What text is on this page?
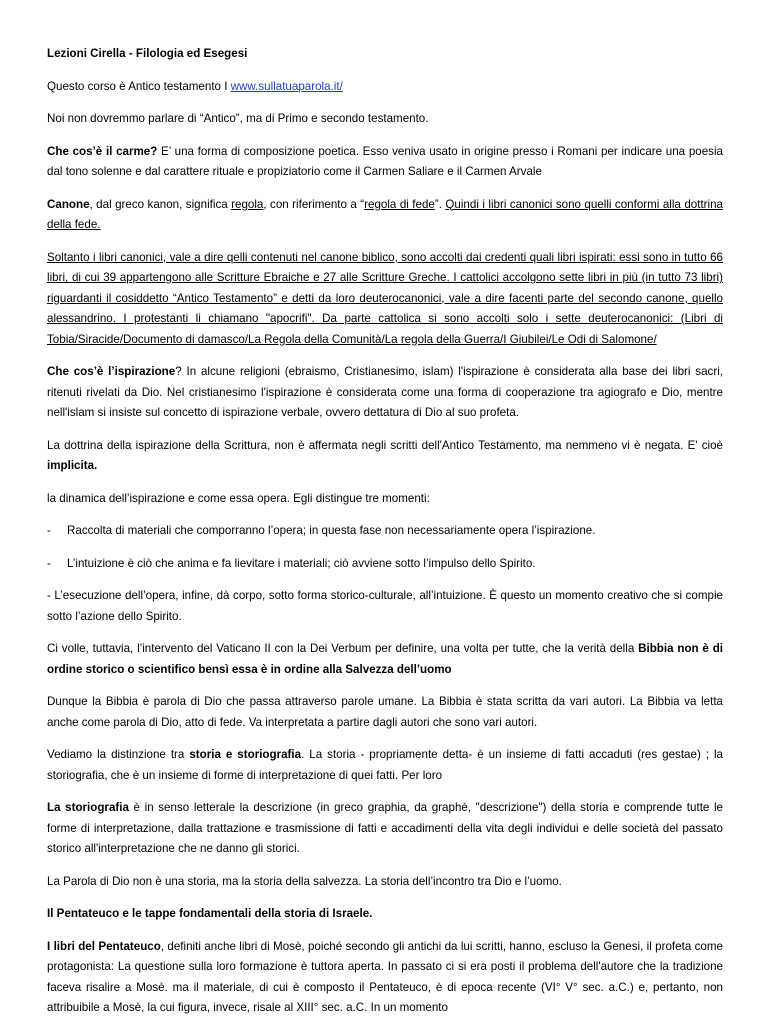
Lezioni Cirella - Filologia ed Esegesi

Questo corso è Antico testamento I www.sullatuaparola.it/

Noi non dovremmo parlare di “Antico”, ma di Primo e secondo testamento.

Che cos’è il carme? E’ una forma di composizione poetica. Esso veniva usato in origine presso i Romani per indicare una poesia dal tono solenne e dal carattere rituale e propiziatorio come il Carmen Saliare e il Carmen Arvale

Canone, dal greco kanon, significa regola, con riferimento a “regola di fede”. Quindi i libri canonici sono quelli conformi alla dottrina della fede.

Soltanto i libri canonici, vale a dire qelli contenuti nel canone biblico, sono accolti dai credenti quali libri ispirati: essi sono in tutto 66 libri, di cui 39 appartengono alle Scritture Ebraiche e 27 alle Scritture Greche. I cattolici accolgono sette libri in più (in tutto 73 libri) riguardanti il cosiddetto “Antico Testamento” e detti da loro deuterocanonici, vale a dire facenti parte del secondo canone, quello alessandrino. I protestanti li chiamano "apocrifi". Da parte cattolica si sono accolti solo i sette deuterocanonici: (Libri di Tobia/Siracide/Documento di damasco/La Regola della Comunità/La regola della Guerra/I Giubilei/Le Odi di Salomone/

Che cos’è l’ispirazione? In alcune religioni (ebraismo, Cristianesimo, islam) l'ispirazione è considerata alla base dei libri sacri, ritenuti rivelati da Dio. Nel cristianesimo l'ispirazione è considerata come una forma di cooperazione tra agiografo e Dio, mentre nell'islam si insiste sul concetto di ispirazione verbale, ovvero dettatura di Dio al suo profeta.

La dottrina della ispirazione della Scrittura, non è affermata negli scritti dell'Antico Testamento, ma nemmeno vi è negata. E' cioè implicita.

la dinamica dell’ispirazione e come essa opera. Egli distingue tre momenti:

-	Raccolta di materiali che comporranno l’opera; in questa fase non necessariamente opera l’ispirazione.
-	L’intuizione è ciò che anima e fa lievitare i materiali; ciò avviene sotto l’impulso dello Spirito.

- L’esecuzione dell’opera, infine, dà corpo, sotto forma storico-culturale, all’intuizione. È questo un momento creativo che si compie sotto l’azione dello Spirito.

Ci volle, tuttavia, l’intervento del Vaticano II con la Dei Verbum per definire, una volta per tutte, che la verità della Bibbia non è di ordine storico o scientifico bensì essa è in ordine alla Salvezza dell’uomo

Dunque la Bibbia è parola di Dio che passa attraverso parole umane. La Bibbia è stata scritta da vari autori. La Bibbia va letta anche come parola di Dio, atto di fede. Va interpretata a partire dagli autori che sono vari autori.

Vediamo la distinzione tra storia e storiografia. La storia - propriamente detta- è un insieme di fatti accaduti (res gestae) ; la storiografia, che è un insieme di forme di interpretazione di quei fatti. Per loro

La storiografia è in senso letterale la descrizione (in greco graphia, da graphè, "descrizione") della storia e comprende tutte le forme di interpretazione, dalla trattazione e trasmissione di fatti e accadimenti della vita degli individui e delle società del passato storico all'interpretazione che ne danno gli storici.

La Parola di Dio non è una storia, ma la storia della salvezza. La storia dell’incontro tra Dio e l’uomo.

Il Pentateuco e le tappe fondamentali della storia di Israele.

I libri del Pentateuco, definiti anche libri di Mosè, poiché secondo gli antichi da lui scritti, hanno, escluso la Genesi, il profeta come protagonista: La questione sulla loro formazione è tuttora aperta. In passato ci si era posti il problema dell'autore che la tradizione faceva risalire a Mosè. ma il materiale, di cui è composto il Pentateuco, è di epoca recente (VI° V° sec. a.C.) e, pertanto, non attribuibile a Mosè, la cui figura, invece, risale al XIII° sec. a.C. In un momento
